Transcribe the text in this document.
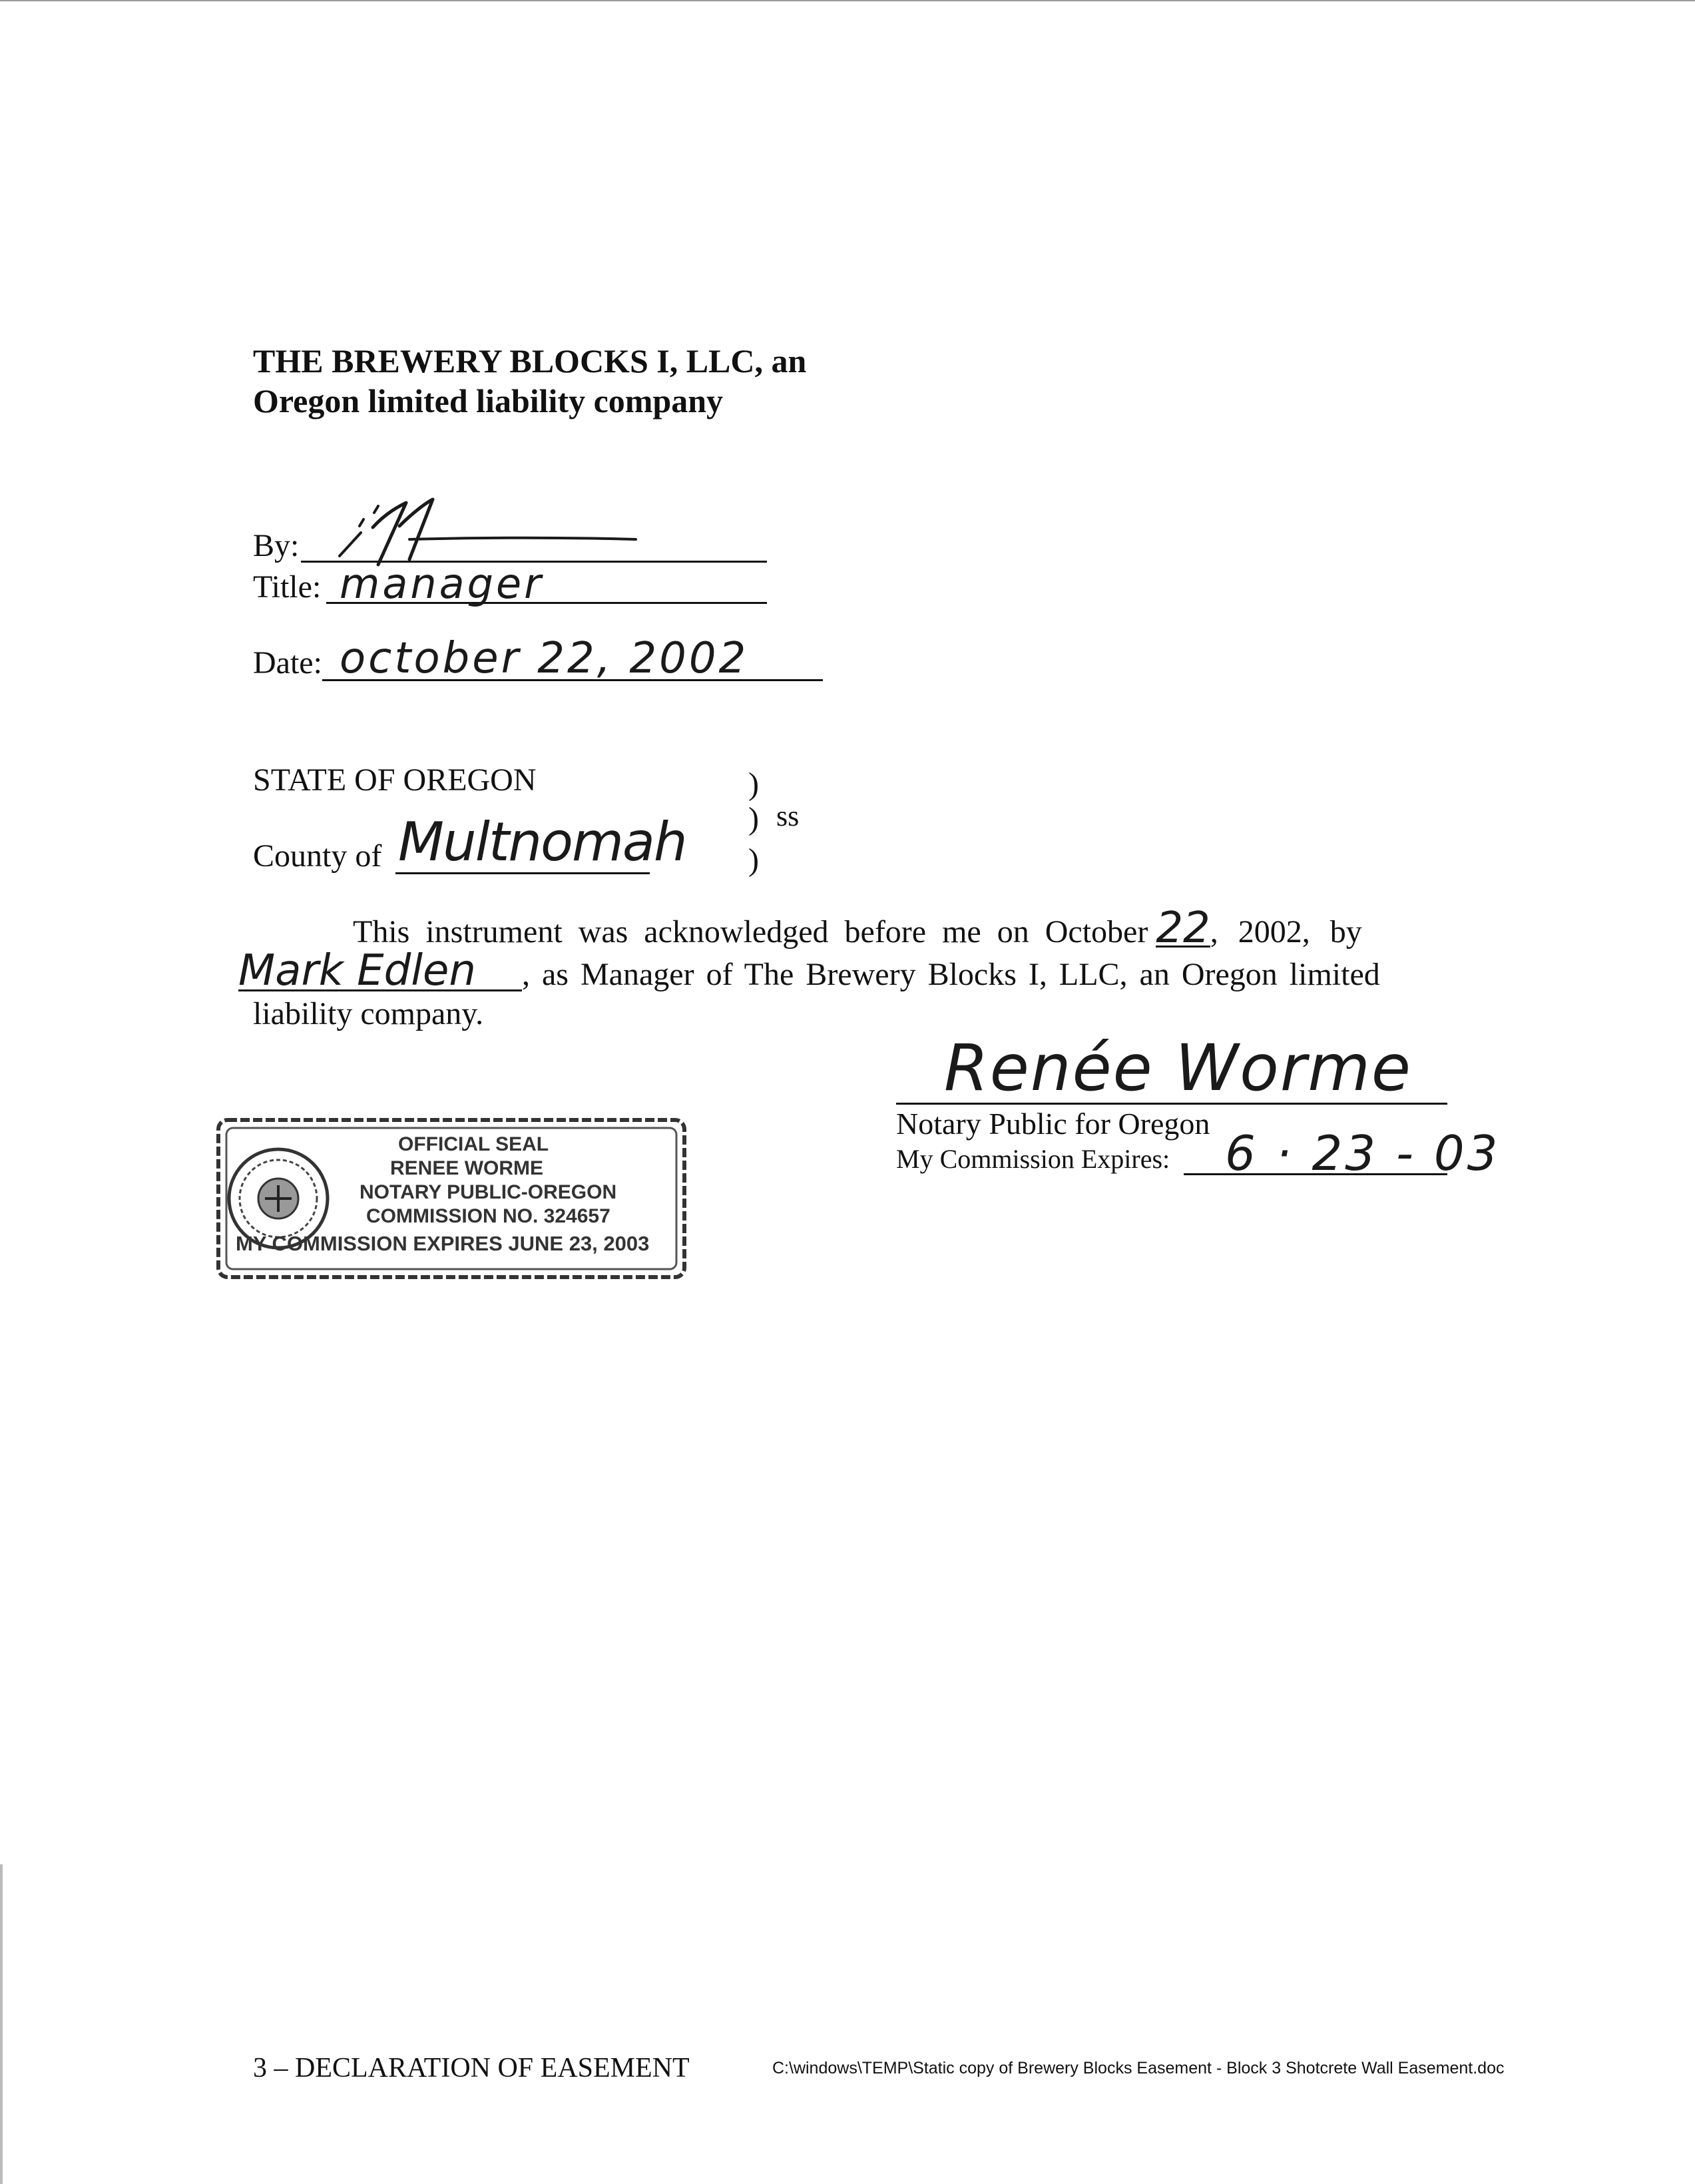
THE BREWERY BLOCKS I, LLC, an
Oregon limited liability company
By:
Title: manager
Date: october 22, 2002
STATE OF OREGON	)
) ss
)
County of Multnomah
This instrument was acknowledged before me on October 22, 2002, by
Mark Edlen , as Manager of The Brewery Blocks I, LLC, an Oregon limited
liability company.
Renée Worme
Notary Public for Oregon
My Commission Expires: 6 · 23 - 03
OFFICIAL SEAL
RENEE WORME
NOTARY PUBLIC-OREGON
COMMISSION NO. 324657
MY COMMISSION EXPIRES JUNE 23, 2003
3 – DECLARATION OF EASEMENT	C:\windows\TEMP\Static copy of Brewery Blocks Easement - Block 3 Shotcrete Wall Easement.doc
